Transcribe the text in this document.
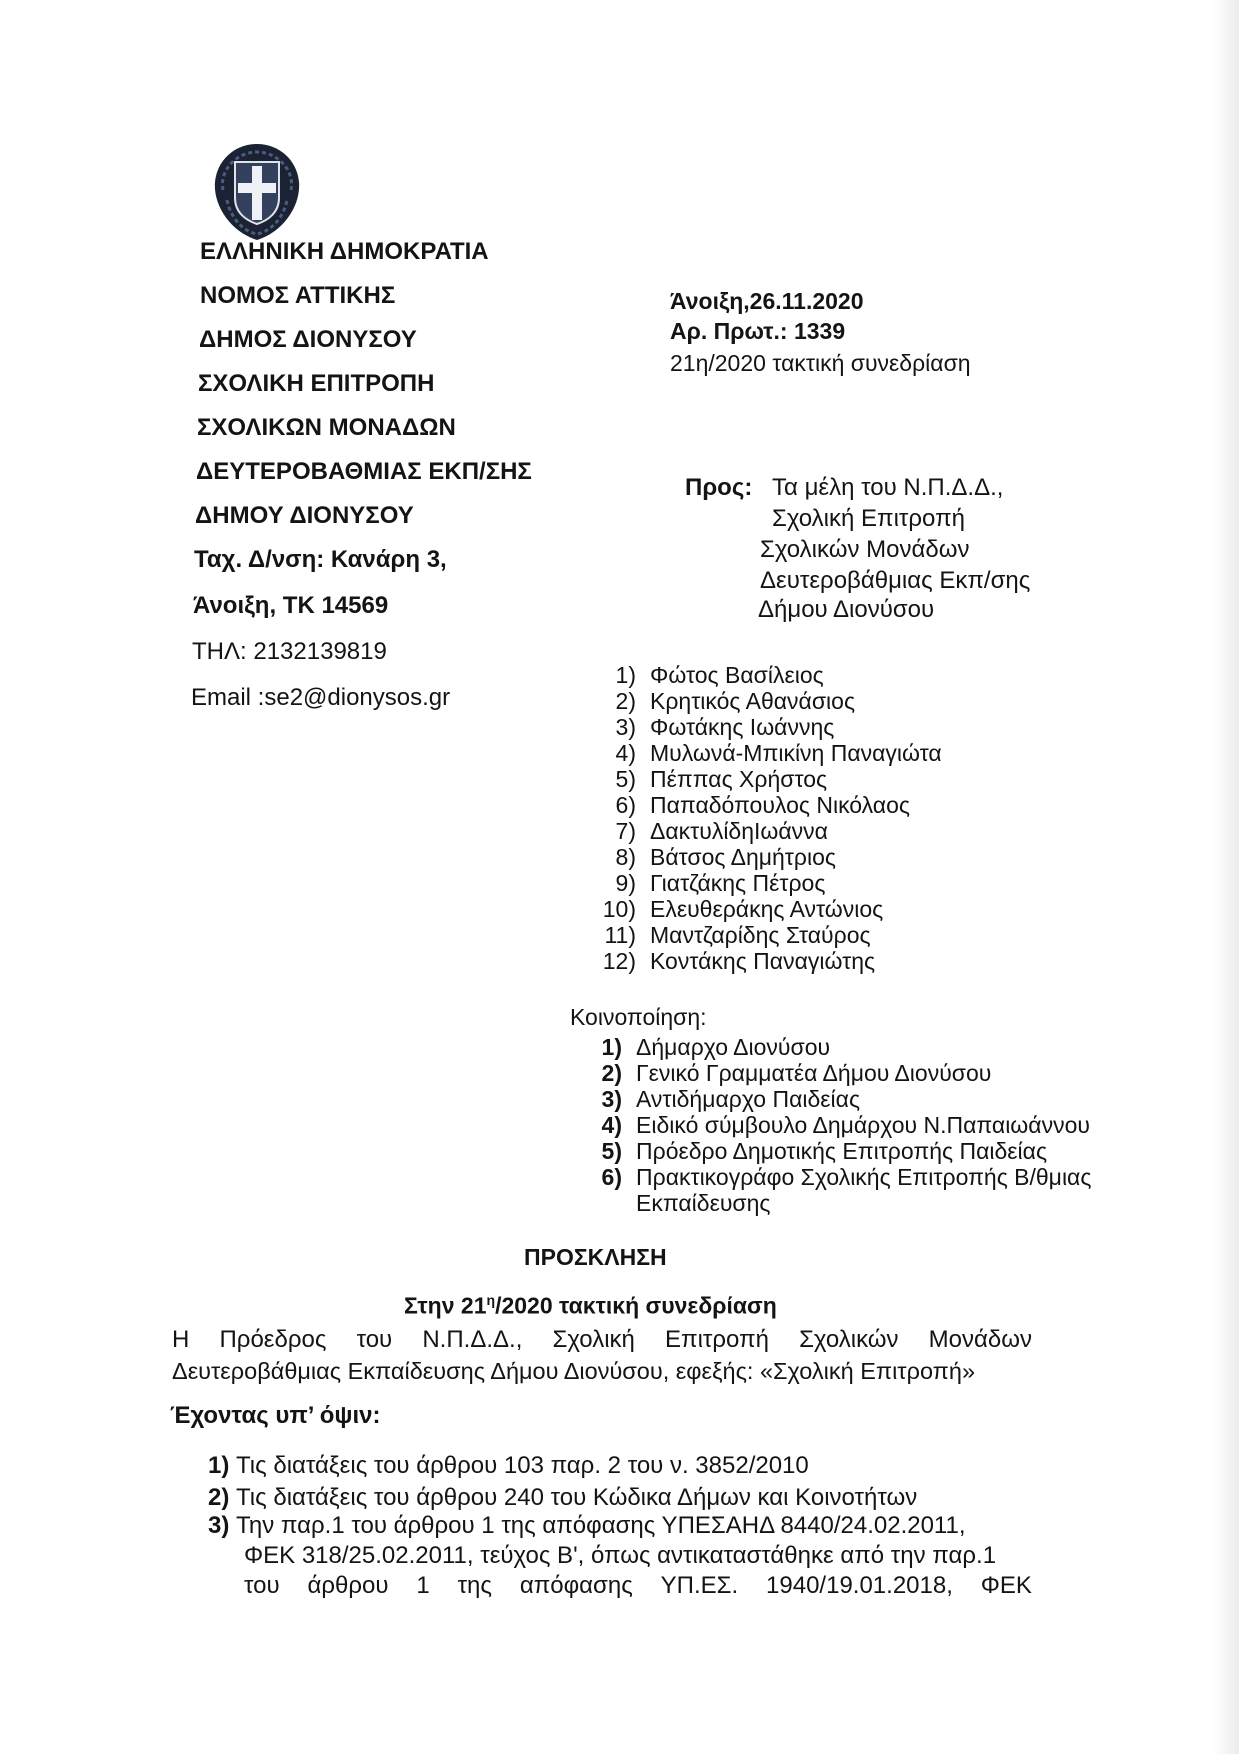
ΕΛΛΗΝΙΚΗ ΔΗΜΟΚΡΑΤΙΑ
ΝΟΜΟΣ ΑΤΤΙΚΗΣ
ΔΗΜΟΣ ΔΙΟΝΥΣΟΥ
ΣΧΟΛΙΚΗ ΕΠΙΤΡΟΠΗ
ΣΧΟΛΙΚΩΝ ΜΟΝΑΔΩΝ
ΔΕΥΤΕΡΟΒΑΘΜΙΑΣ ΕΚΠ/ΣΗΣ
ΔΗΜΟΥ ΔΙΟΝΥΣΟΥ
Ταχ. Δ/νση: Κανάρη 3,
Άνοιξη, ΤΚ 14569
ΤΗΛ: 2132139819
Email :se2@dionysos.gr
Άνοιξη,26.11.2020
Αρ. Πρωτ.: 1339
21η/2020 τακτική συνεδρίαση
Προς: Τα μέλη του Ν.Π.Δ.Δ.,
Σχολική Επιτροπή
Σχολικών Μονάδων
Δευτεροβάθμιας Εκπ/σης
Δήμου Διονύσου
1) Φώτος Βασίλειος
2) Κρητικός Αθανάσιος
3) Φωτάκης Ιωάννης
4) Μυλωνά-Μπικίνη Παναγιώτα
5) Πέππας Χρήστος
6) Παπαδόπουλος Νικόλαος
7) ΔακτυλίδηΙωάννα
8) Βάτσος Δημήτριος
9) Γιατζάκης Πέτρος
10) Ελευθεράκης Αντώνιος
11) Μαντζαρίδης Σταύρος
12) Κοντάκης Παναγιώτης
Κοινοποίηση:
1) Δήμαρχο Διονύσου
2) Γενικό Γραμματέα Δήμου Διονύσου
3) Αντιδήμαρχο Παιδείας
4) Ειδικό σύμβουλο Δημάρχου Ν.Παπαιωάννου
5) Πρόεδρο Δημοτικής Επιτροπής Παιδείας
6) Πρακτικογράφο Σχολικής Επιτροπής Β/θμιας
Εκπαίδευσης
ΠΡΟΣΚΛΗΣΗ
Στην $21^\eta/2020$ τακτική συνεδρίαση
Η Πρόεδρος του Ν.Π.Δ.Δ., Σχολική Επιτροπή Σχολικών Μονάδων
Δευτεροβάθμιας Εκπαίδευσης Δήμου Διονύσου, εφεξής: «Σχολική Επιτροπή»
Έχοντας υπ’ όψιν:
1) Τις διατάξεις του άρθρου 103 παρ. 2 του ν. 3852/2010
2) Τις διατάξεις του άρθρου 240 του Κώδικα Δήμων και Κοινοτήτων
3) Την παρ.1 του άρθρου 1 της απόφασης ΥΠΕΣΑΗΔ 8440/24.02.2011,
ΦΕΚ 318/25.02.2011, τεύχος Β', όπως αντικαταστάθηκε από την παρ.1
του άρθρου 1 της απόφασης ΥΠ.ΕΣ. 1940/19.01.2018, ΦΕΚ
